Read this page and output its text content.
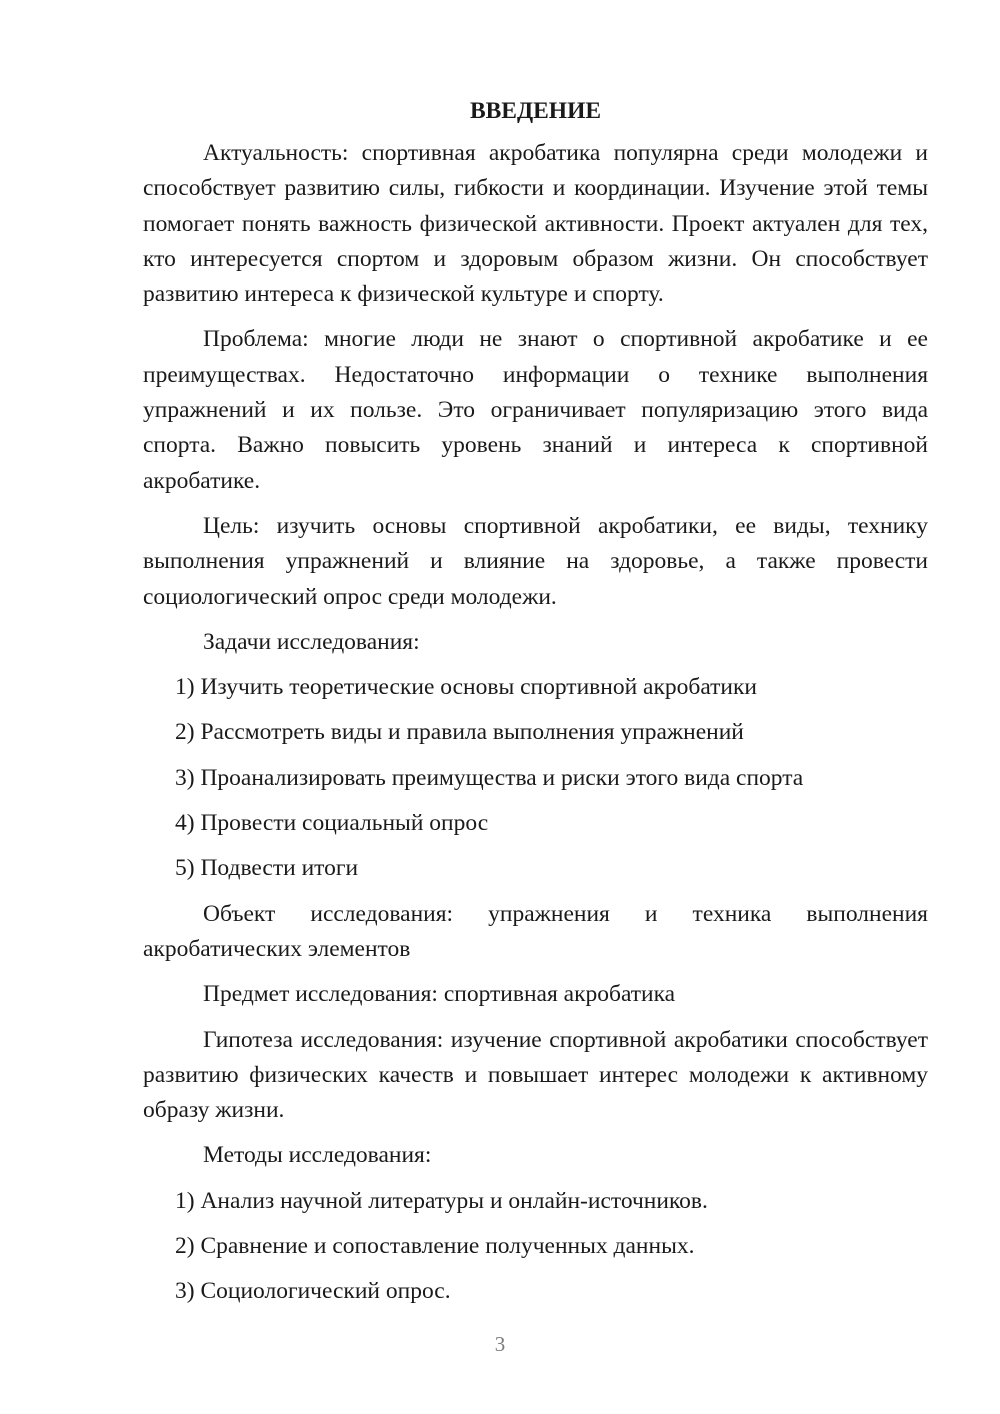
ВВЕДЕНИЕ

Актуальность: спортивная акробатика популярна среди молодежи и способствует развитию силы, гибкости и координации. Изучение этой темы помогает понять важность физической активности. Проект актуален для тех, кто интересуется спортом и здоровым образом жизни. Он способствует развитию интереса к физической культуре и спорту.

Проблема: многие люди не знают о спортивной акробатике и ее преимуществах. Недостаточно информации о технике выполнения упражнений и их пользе. Это ограничивает популяризацию этого вида спорта. Важно повысить уровень знаний и интереса к спортивной акробатике.

Цель: изучить основы спортивной акробатики, ее виды, технику выполнения упражнений и влияние на здоровье, а также провести социологический опрос среди молодежи.

Задачи исследования:
1) Изучить теоретические основы спортивной акробатики
2) Рассмотреть виды и правила выполнения упражнений
3) Проанализировать преимущества и риски этого вида спорта
4) Провести социальный опрос
5) Подвести итоги

Объект исследования: упражнения и техника выполнения акробатических элементов

Предмет исследования: спортивная акробатика

Гипотеза исследования: изучение спортивной акробатики способствует развитию физических качеств и повышает интерес молодежи к активному образу жизни.

Методы исследования:
1) Анализ научной литературы и онлайн-источников.
2) Сравнение и сопоставление полученных данных.
3) Социологический опрос.
3
